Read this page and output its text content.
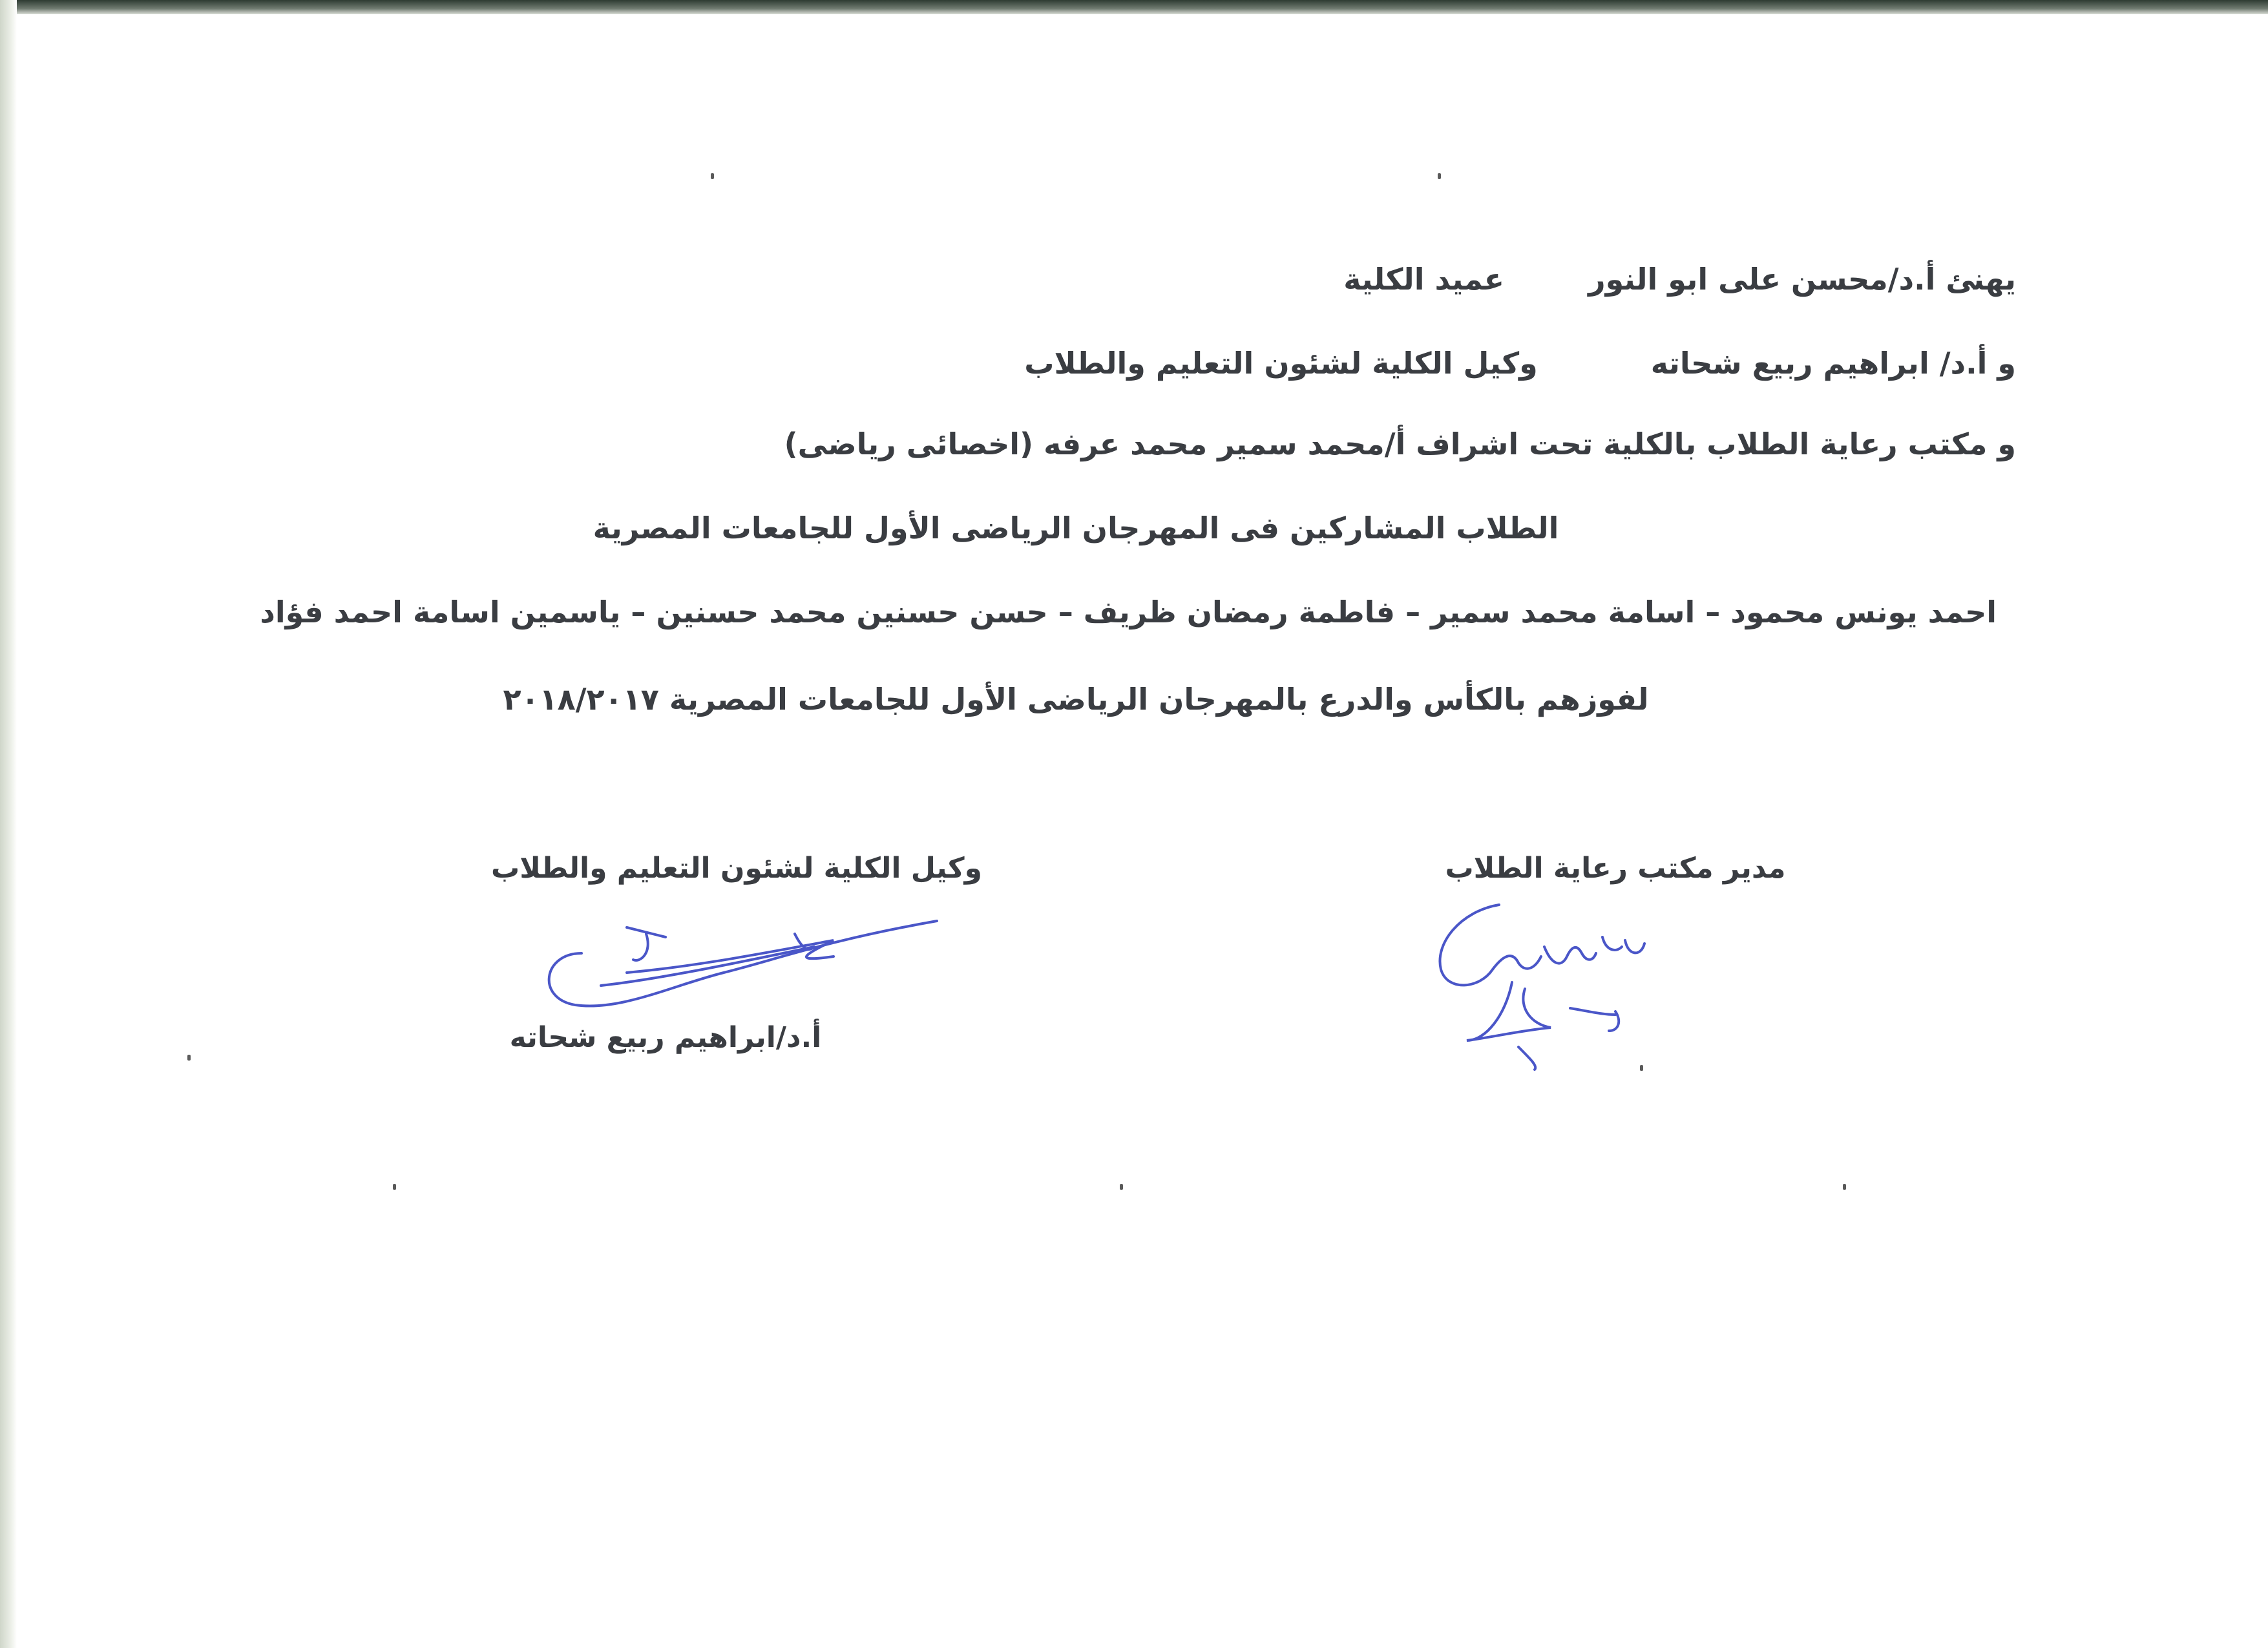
يهنئ أ.د/محسن على ابو النورعميد الكلية
و أ.د/ ابراهيم ربيع شحاتهوكيل الكلية لشئون التعليم والطلاب
و مكتب رعاية الطلاب بالكلية تحت اشراف أ/محمد سمير محمد عرفه (اخصائى رياضى)
الطلاب المشاركين فى المهرجان الرياضى الأول للجامعات المصرية
احمد يونس محمود – اسامة محمد سمير – فاطمة رمضان ظريف – حسن حسنين محمد حسنين – ياسمين اسامة احمد فؤاد
لفوزهم بالكأس والدرع بالمهرجان الرياضى الأول للجامعات المصرية ٢٠١٨/٢٠١٧
مدير مكتب رعاية الطلاب
وكيل الكلية لشئون التعليم والطلاب
أ.د/ابراهيم ربيع شحاته
